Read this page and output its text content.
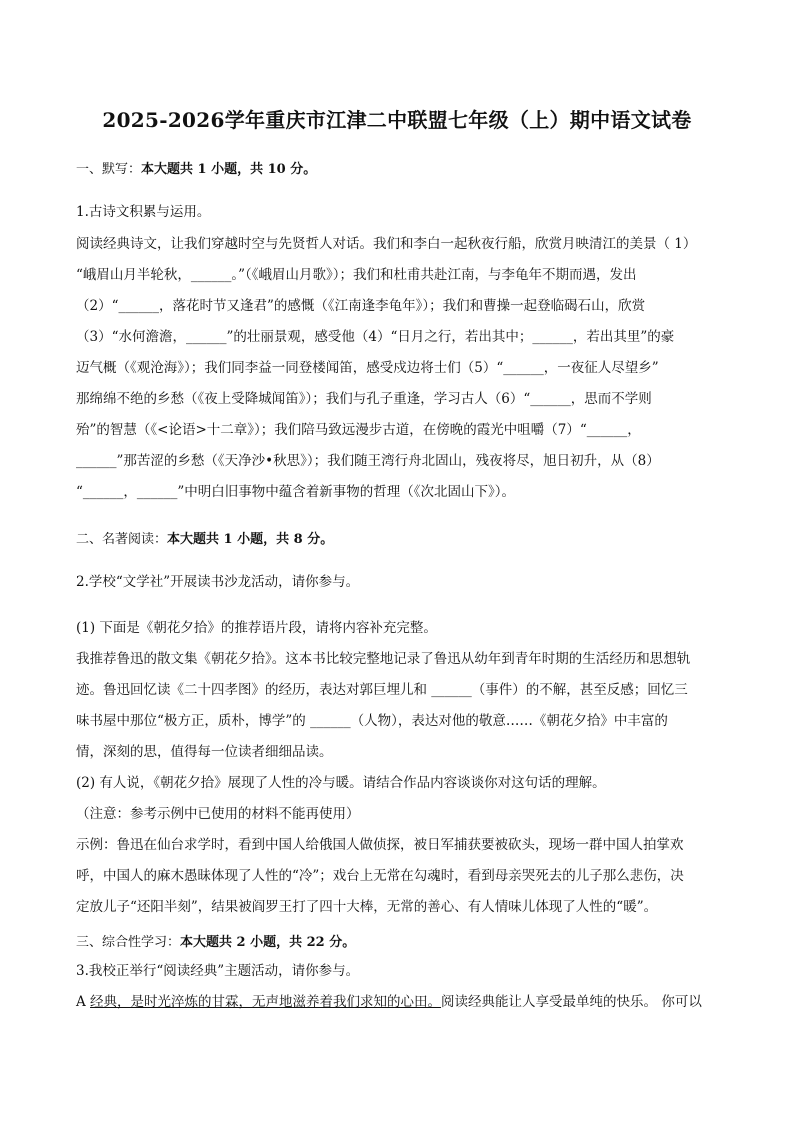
2025-2026学年重庆市江津二中联盟七年级（上）期中语文试卷
一、默写：本大题共 1 小题，共 10 分。
1.古诗文积累与运用。
阅读经典诗文，让我们穿越时空与先贤哲人对话。我们和李白一起秋夜行船，欣赏月映清江的美景（ 1）
“峨眉山月半轮秋，______。”（《峨眉山月歌》）；我们和杜甫共赴江南，与李龟年不期而遇，发出
（2）“______，落花时节又逢君”的感慨（《江南逢李龟年》）；我们和曹操一起登临碣石山，欣赏
（3）“水何澹澹，______”的壮丽景观，感受他（4）“日月之行，若出其中；______，若出其里”的豪
迈气概（《观沧海》）；我们同李益一同登楼闻笛，感受戍边将士们（5）“______，一夜征人尽望乡”
那绵绵不绝的乡愁（《夜上受降城闻笛》）；我们与孔子重逢，学习古人（6）“______，思而不学则
殆”的智慧（《<论语>十二章》）；我们陪马致远漫步古道，在傍晚的霞光中咀嚼（7）“______，
______”那苦涩的乡愁（《天净沙•秋思》）；我们随王湾行舟北固山，残夜将尽，旭日初升，从（8）
“______，______”中明白旧事物中蕴含着新事物的哲理（《次北固山下》）。
二、名著阅读：本大题共 1 小题，共 8 分。
2.学校“文学社”开展读书沙龙活动，请你参与。
(1) 下面是《朝花夕拾》的推荐语片段，请将内容补充完整。
我推荐鲁迅的散文集《朝花夕拾》。这本书比较完整地记录了鲁迅从幼年到青年时期的生活经历和思想轨
迹。鲁迅回忆读《二十四孝图》的经历，表达对郭巨埋儿和 ______（事件）的不解，甚至反感；回忆三
味书屋中那位“极方正，质朴，博学”的 ______（人物），表达对他的敬意……《朝花夕拾》中丰富的
情，深刻的思，值得每一位读者细细品读。
(2) 有人说，《朝花夕拾》展现了人性的冷与暖。请结合作品内容谈谈你对这句话的理解。
（注意：参考示例中已使用的材料不能再使用）
示例：鲁迅在仙台求学时，看到中国人给俄国人做侦探，被日军捕获要被砍头，现场一群中国人拍掌欢
呼，中国人的麻木愚昧体现了人性的“冷”；戏台上无常在勾魂时，看到母亲哭死去的儿子那么悲伤，决
定放儿子“还阳半刻”，结果被阎罗王打了四十大棒，无常的善心、有人情味儿体现了人性的“暖”。
三、综合性学习：本大题共 2 小题，共 22 分。
3.我校正举行“阅读经典”主题活动，请你参与。
A 经典，是时光淬炼的甘霖，无声地滋养着我们求知的心田。阅读经典能让人享受最单纯的快乐。 你可以
